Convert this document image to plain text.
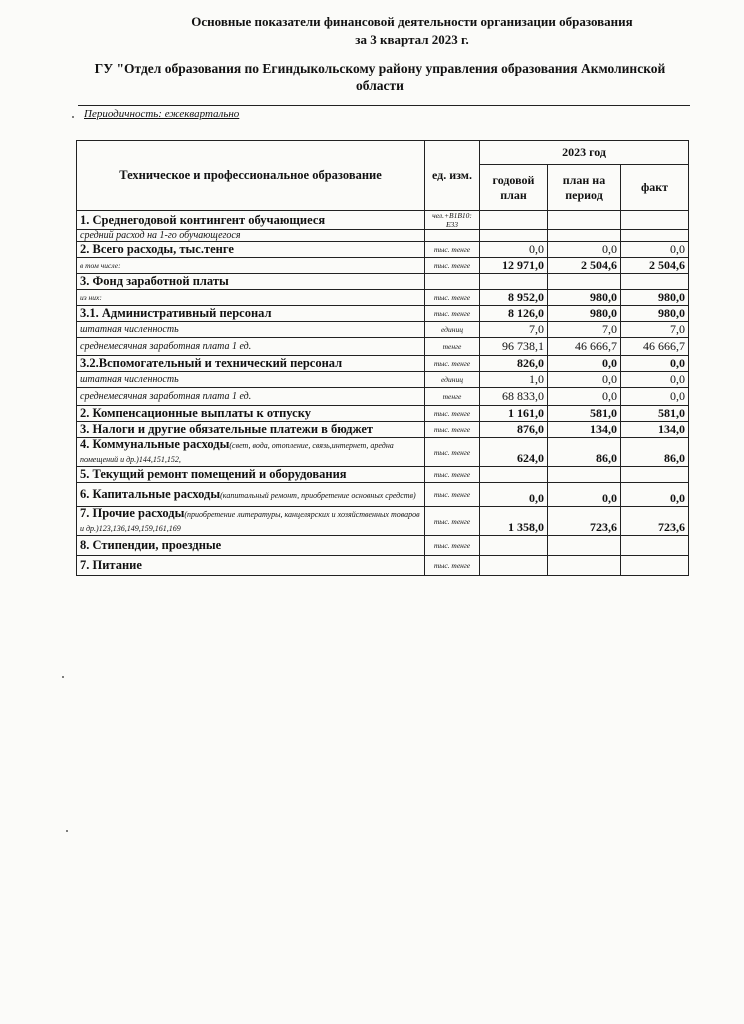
Основные показатели финансовой деятельности организации образования
за 3 квартал 2023 г.
ГУ "Отдел образования по Егиндыкольскому району управления образования Акмолинской области
Периодичность: ежеквартально
Техническое и профессиональное образование	ед. изм.	2023 год		
		годовой план	план на период	факт
1. Среднегодовой контингент обучающиеся	чел.+В1В10: Е33			
средний расход на 1-го обучающегося				
2. Всего расходы, тыс.тенге	тыс. тенге	0,0	0,0	0,0
в том числе:	тыс. тенге	12 971,0	2 504,6	2 504,6
3. Фонд заработной платы				
из них:	тыс. тенге	8 952,0	980,0	980,0
3.1. Административный персонал	тыс. тенге	8 126,0	980,0	980,0
штатная численность	единиц	7,0	7,0	7,0
среднемесячная заработная плата 1 ед.	тенге	96 738,1	46 666,7	46 666,7
3.2.Вспомогательный и технический персонал	тыс. тенге	826,0	0,0	0,0
штатная численность	единиц	1,0	0,0	0,0
среднемесячная заработная плата 1 ед.	тенге	68 833,0	0,0	0,0
2. Компенсационные выплаты к отпуску	тыс. тенге	1 161,0	581,0	581,0
3. Налоги и другие обязательные платежи в бюджет	тыс. тенге	876,0	134,0	134,0
4. Коммунальные расходы(свет, вода, отопление, связь,интернет, аредна помещений и др.)144,151,152,	тыс. тенге	624,0	86,0	86,0
5. Текущий ремонт помещений и оборудования	тыс. тенге			
6. Капитальные расходы(капитальный ремонт, приобретение основных средств)	тыс. тенге	0,0	0,0	0,0
7. Прочие расходы(приобретение литературы, канцелярских и хозяйственных товаров и др.)123,136,149,159,161,169	тыс. тенге	1 358,0	723,6	723,6
8. Стипендии, проездные	тыс. тенге			
7. Питание	тыс. тенге			
